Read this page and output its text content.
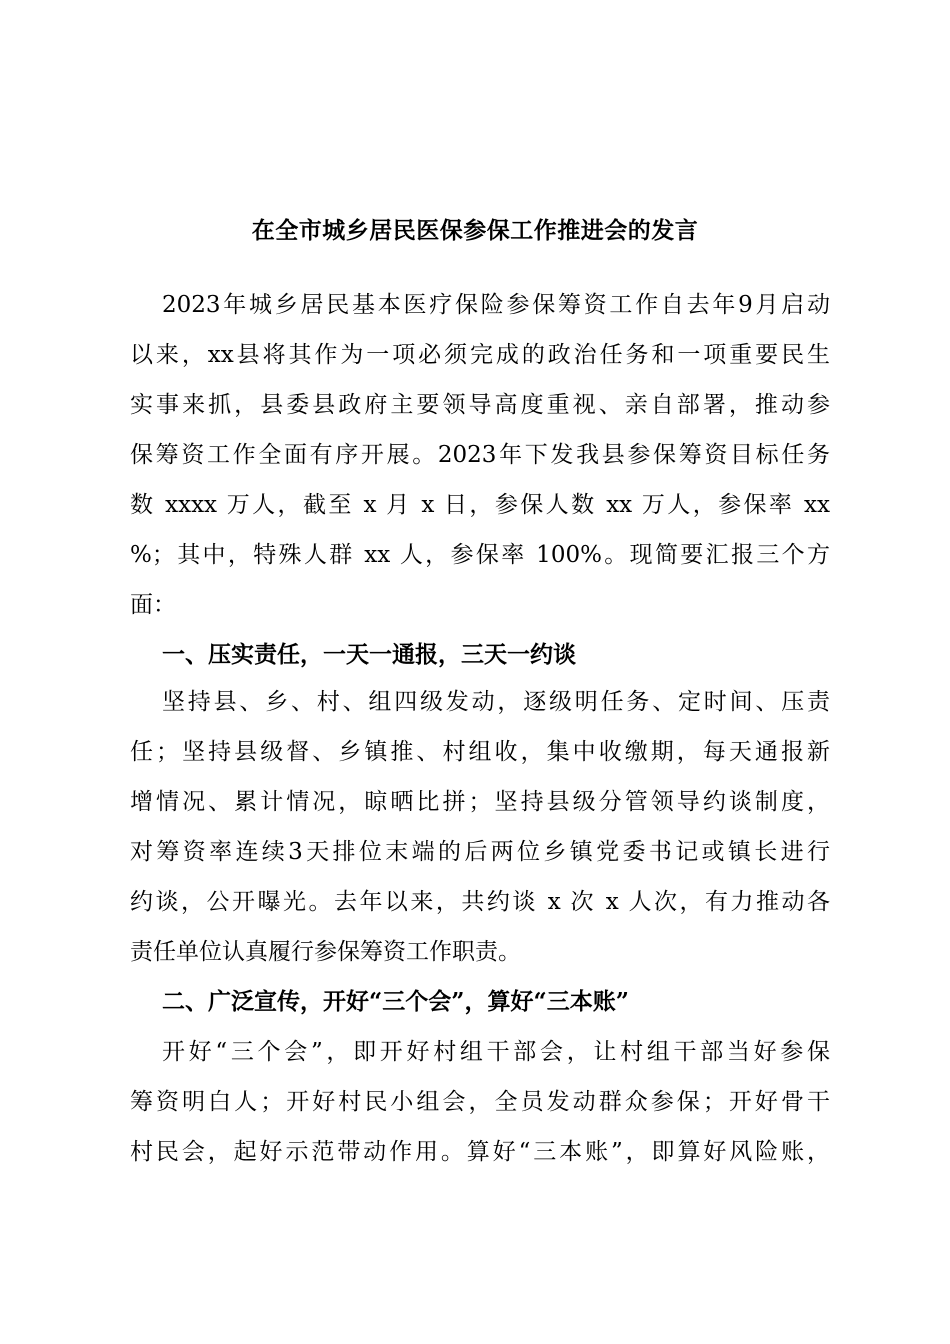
在全市城乡居民医保参保工作推进会的发言
2023年城乡居民基本医疗保险参保筹资工作自去年9月启动
以来，xx县将其作为一项必须完成的政治任务和一项重要民生
实事来抓，县委县政府主要领导高度重视、亲自部署，推动参
保筹资工作全面有序开展。2023年下发我县参保筹资目标任务
数 xxxx 万人，截至 x 月 x 日，参保人数 xx 万人，参保率 xx
%；其中，特殊人群 xx 人，参保率 100%。现简要汇报三个方
面：
一、压实责任，一天一通报，三天一约谈
坚持县、乡、村、组四级发动，逐级明任务、定时间、压责
任；坚持县级督、乡镇推、村组收，集中收缴期，每天通报新
增情况、累计情况，晾晒比拼；坚持县级分管领导约谈制度，
对筹资率连续3天排位末端的后两位乡镇党委书记或镇长进行
约谈，公开曝光。去年以来，共约谈 x 次 x 人次，有力推动各
责任单位认真履行参保筹资工作职责。
二、广泛宣传，开好“三个会”，算好“三本账”
开好“三个会”，即开好村组干部会，让村组干部当好参保
筹资明白人；开好村民小组会，全员发动群众参保；开好骨干
村民会，起好示范带动作用。算好“三本账”，即算好风险账，
